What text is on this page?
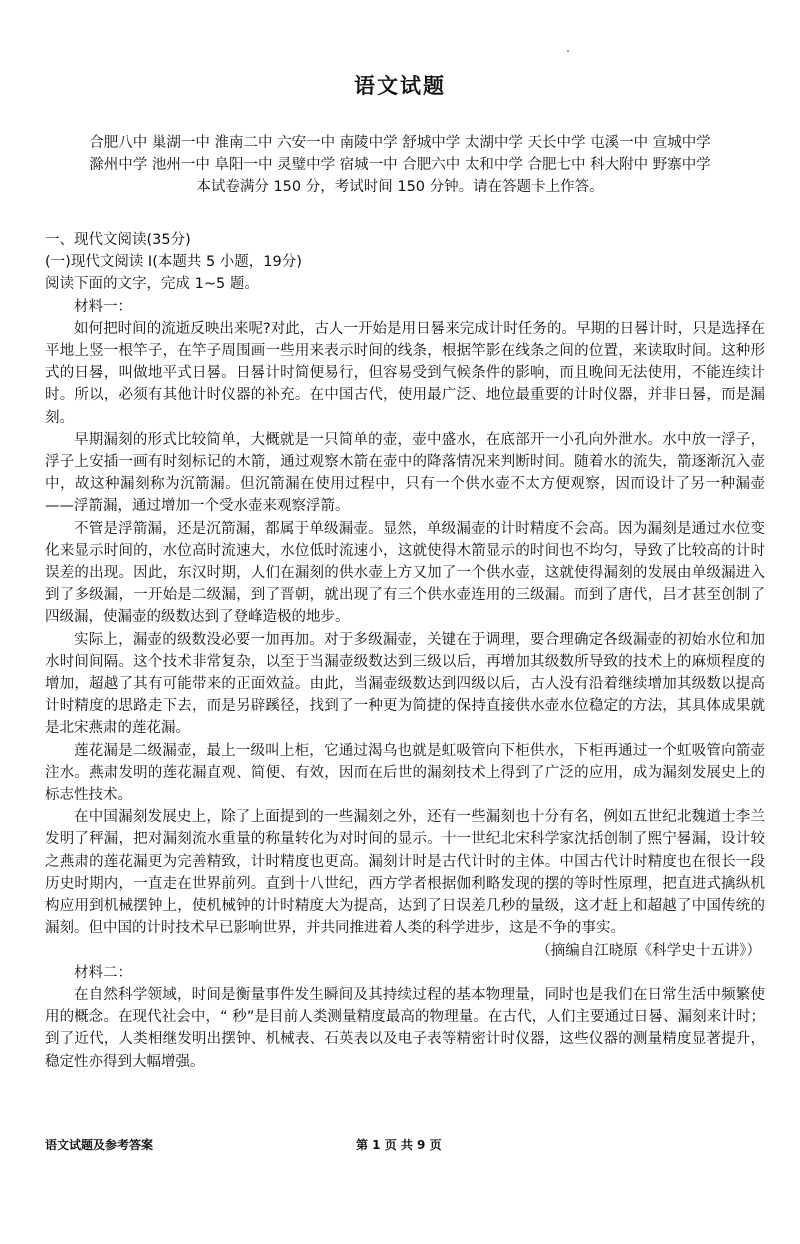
语文试题
合肥八中 巢湖一中 淮南二中 六安一中 南陵中学 舒城中学 太湖中学 天长中学 屯溪一中 宣城中学
滁州中学 池州一中 阜阳一中 灵璧中学 宿城一中 合肥六中 太和中学 合肥七中 科大附中 野寨中学
本试卷满分 150 分，考试时间 150 分钟。请在答题卡上作答。

一、现代文阅读(35分)

(一)现代文阅读 Ⅰ(本题共 5 小题，19分)

阅读下面的文字，完成 1~5 题。

材料一：

如何把时间的流逝反映出来呢?对此，古人一开始是用日晷来完成计时任务的。早期的日晷计时，只是选择在平地上竖一根竿子，在竿子周围画一些用来表示时间的线条，根据竿影在线条之间的位置，来读取时间。这种形式的日晷，叫做地平式日晷。日晷计时简便易行，但容易受到气候条件的影响，而且晚间无法使用，不能连续计时。所以，必须有其他计时仪器的补充。在中国古代，使用最广泛、地位最重要的计时仪器，并非日晷，而是漏刻。

早期漏刻的形式比较简单，大概就是一只简单的壶，壶中盛水，在底部开一小孔向外泄水。水中放一浮子，浮子上安插一画有时刻标记的木箭，通过观察木箭在壶中的降落情况来判断时间。随着水的流失，箭逐渐沉入壶中，故这种漏刻称为沉箭漏。但沉箭漏在使用过程中，只有一个供水壶不太方便观察，因而设计了另一种漏壶——浮箭漏，通过增加一个受水壶来观察浮箭。

不管是浮箭漏，还是沉箭漏，都属于单级漏壶。显然，单级漏壶的计时精度不会高。因为漏刻是通过水位变化来显示时间的，水位高时流速大，水位低时流速小，这就使得木箭显示的时间也不均匀，导致了比较高的计时误差的出现。因此，东汉时期，人们在漏刻的供水壶上方又加了一个供水壶，这就使得漏刻的发展由单级漏进入到了多级漏，一开始是二级漏，到了晋朝，就出现了有三个供水壶连用的三级漏。而到了唐代，吕才甚至创制了四级漏，使漏壶的级数达到了登峰造极的地步。

实际上，漏壶的级数没必要一加再加。对于多级漏壶，关键在于调理，要合理确定各级漏壶的初始水位和加水时间间隔。这个技术非常复杂，以至于当漏壶级数达到三级以后，再增加其级数所导致的技术上的麻烦程度的增加，超越了其有可能带来的正面效益。由此，当漏壶级数达到四级以后，古人没有沿着继续增加其级数以提高计时精度的思路走下去，而是另辟蹊径，找到了一种更为简捷的保持直接供水壶水位稳定的方法，其具体成果就是北宋燕肃的莲花漏。

莲花漏是二级漏壶，最上一级叫上柜，它通过渴乌也就是虹吸管向下柜供水，下柜再通过一个虹吸管向箭壶注水。燕肃发明的莲花漏直观、简便、有效，因而在后世的漏刻技术上得到了广泛的应用，成为漏刻发展史上的标志性技术。

在中国漏刻发展史上，除了上面提到的一些漏刻之外，还有一些漏刻也十分有名，例如五世纪北魏道士李兰发明了秤漏，把对漏刻流水重量的称量转化为对时间的显示。十一世纪北宋科学家沈括创制了熙宁晷漏，设计较之燕肃的莲花漏更为完善精致，计时精度也更高。漏刻计时是古代计时的主体。中国古代计时精度也在很长一段历史时期内，一直走在世界前列。直到十八世纪，西方学者根据伽利略发现的摆的等时性原理，把直进式擒纵机构应用到机械摆钟上，使机械钟的计时精度大为提高，达到了日误差几秒的量级，这才赶上和超越了中国传统的漏刻。但中国的计时技术早已影响世界，并共同推进着人类的科学进步，这是不争的事实。

（摘编自江晓原《科学史十五讲》）

材料二：

在自然科学领域，时间是衡量事件发生瞬间及其持续过程的基本物理量，同时也是我们在日常生活中频繁使用的概念。在现代社会中，“ 秒”是目前人类测量精度最高的物理量。在古代，人们主要通过日晷、漏刻来计时；到了近代，人类相继发明出摆钟、机械表、石英表以及电子表等精密计时仪器，这些仪器的测量精度显著提升，稳定性亦得到大幅增强。

语文试题及参考答案	第 1 页 共 9 页
